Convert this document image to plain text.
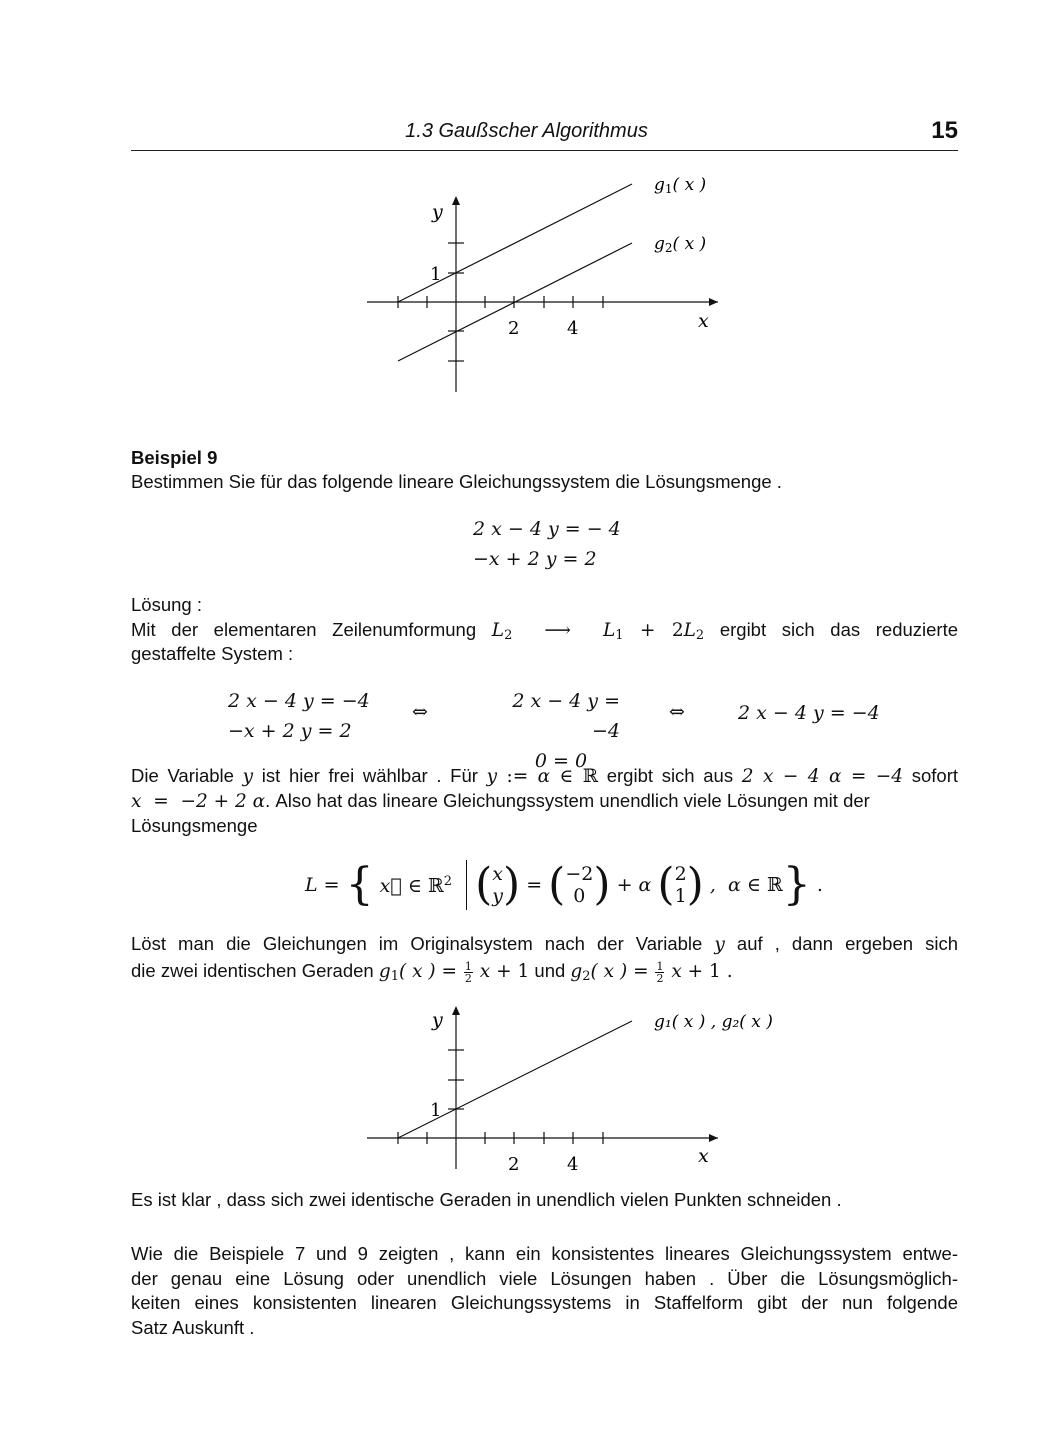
1.3 Gaußscher Algorithmus	15
y
x
1
2	4
g1( x )
g2( x )
Beispiel 9
Bestimmen Sie für das folgende lineare Gleichungssystem die Lösungsmenge .
2 x − 4 y = − 4
−x + 2 y = 2
Lösung :
Mit der elementaren Zeilenumformung $L_2$  ⟶  $L_1 + 2L_2$ ergibt sich das reduzierte
gestaffelte System :
2 x − 4 y = −4
−x + 2 y = 2
⇔	2 x − 4 y = −4
0 = 0
⇔	2 x − 4 y = −4
Die Variable y ist hier frei wählbar . Für y := α ∈ ℝ ergibt sich aus 2 x − 4 α = −4 sofort
x  =  −2 + 2 α. Also hat das lineare Gleichungssystem unendlich viele Lösungen mit der
Lösungsmenge
L = { x⃗ ∈ ℝ$^2$ ( x
y ) = ( −2
0 ) + α ( 2
1 ) ,  α ∈ ℝ } .
Löst man die Gleichungen im Originalsystem nach der Variable y auf , dann ergeben sich
die zwei identischen Geraden $g_1$( x ) = $\frac{1}{2}$ x + 1 und $g_2$( x ) = $\frac{1}{2}$ x + 1 .
y
x
1
2	4
g₁( x ) , g₂( x )
Es ist klar , dass sich zwei identische Geraden in unendlich vielen Punkten schneiden .
Wie die Beispiele 7 und 9 zeigten , kann ein konsistentes lineares Gleichungssystem entwe-
der genau eine Lösung oder unendlich viele Lösungen haben . Über die Lösungsmöglich-
keiten eines konsistenten linearen Gleichungssystems in Staffelform gibt der nun folgende
Satz Auskunft .
